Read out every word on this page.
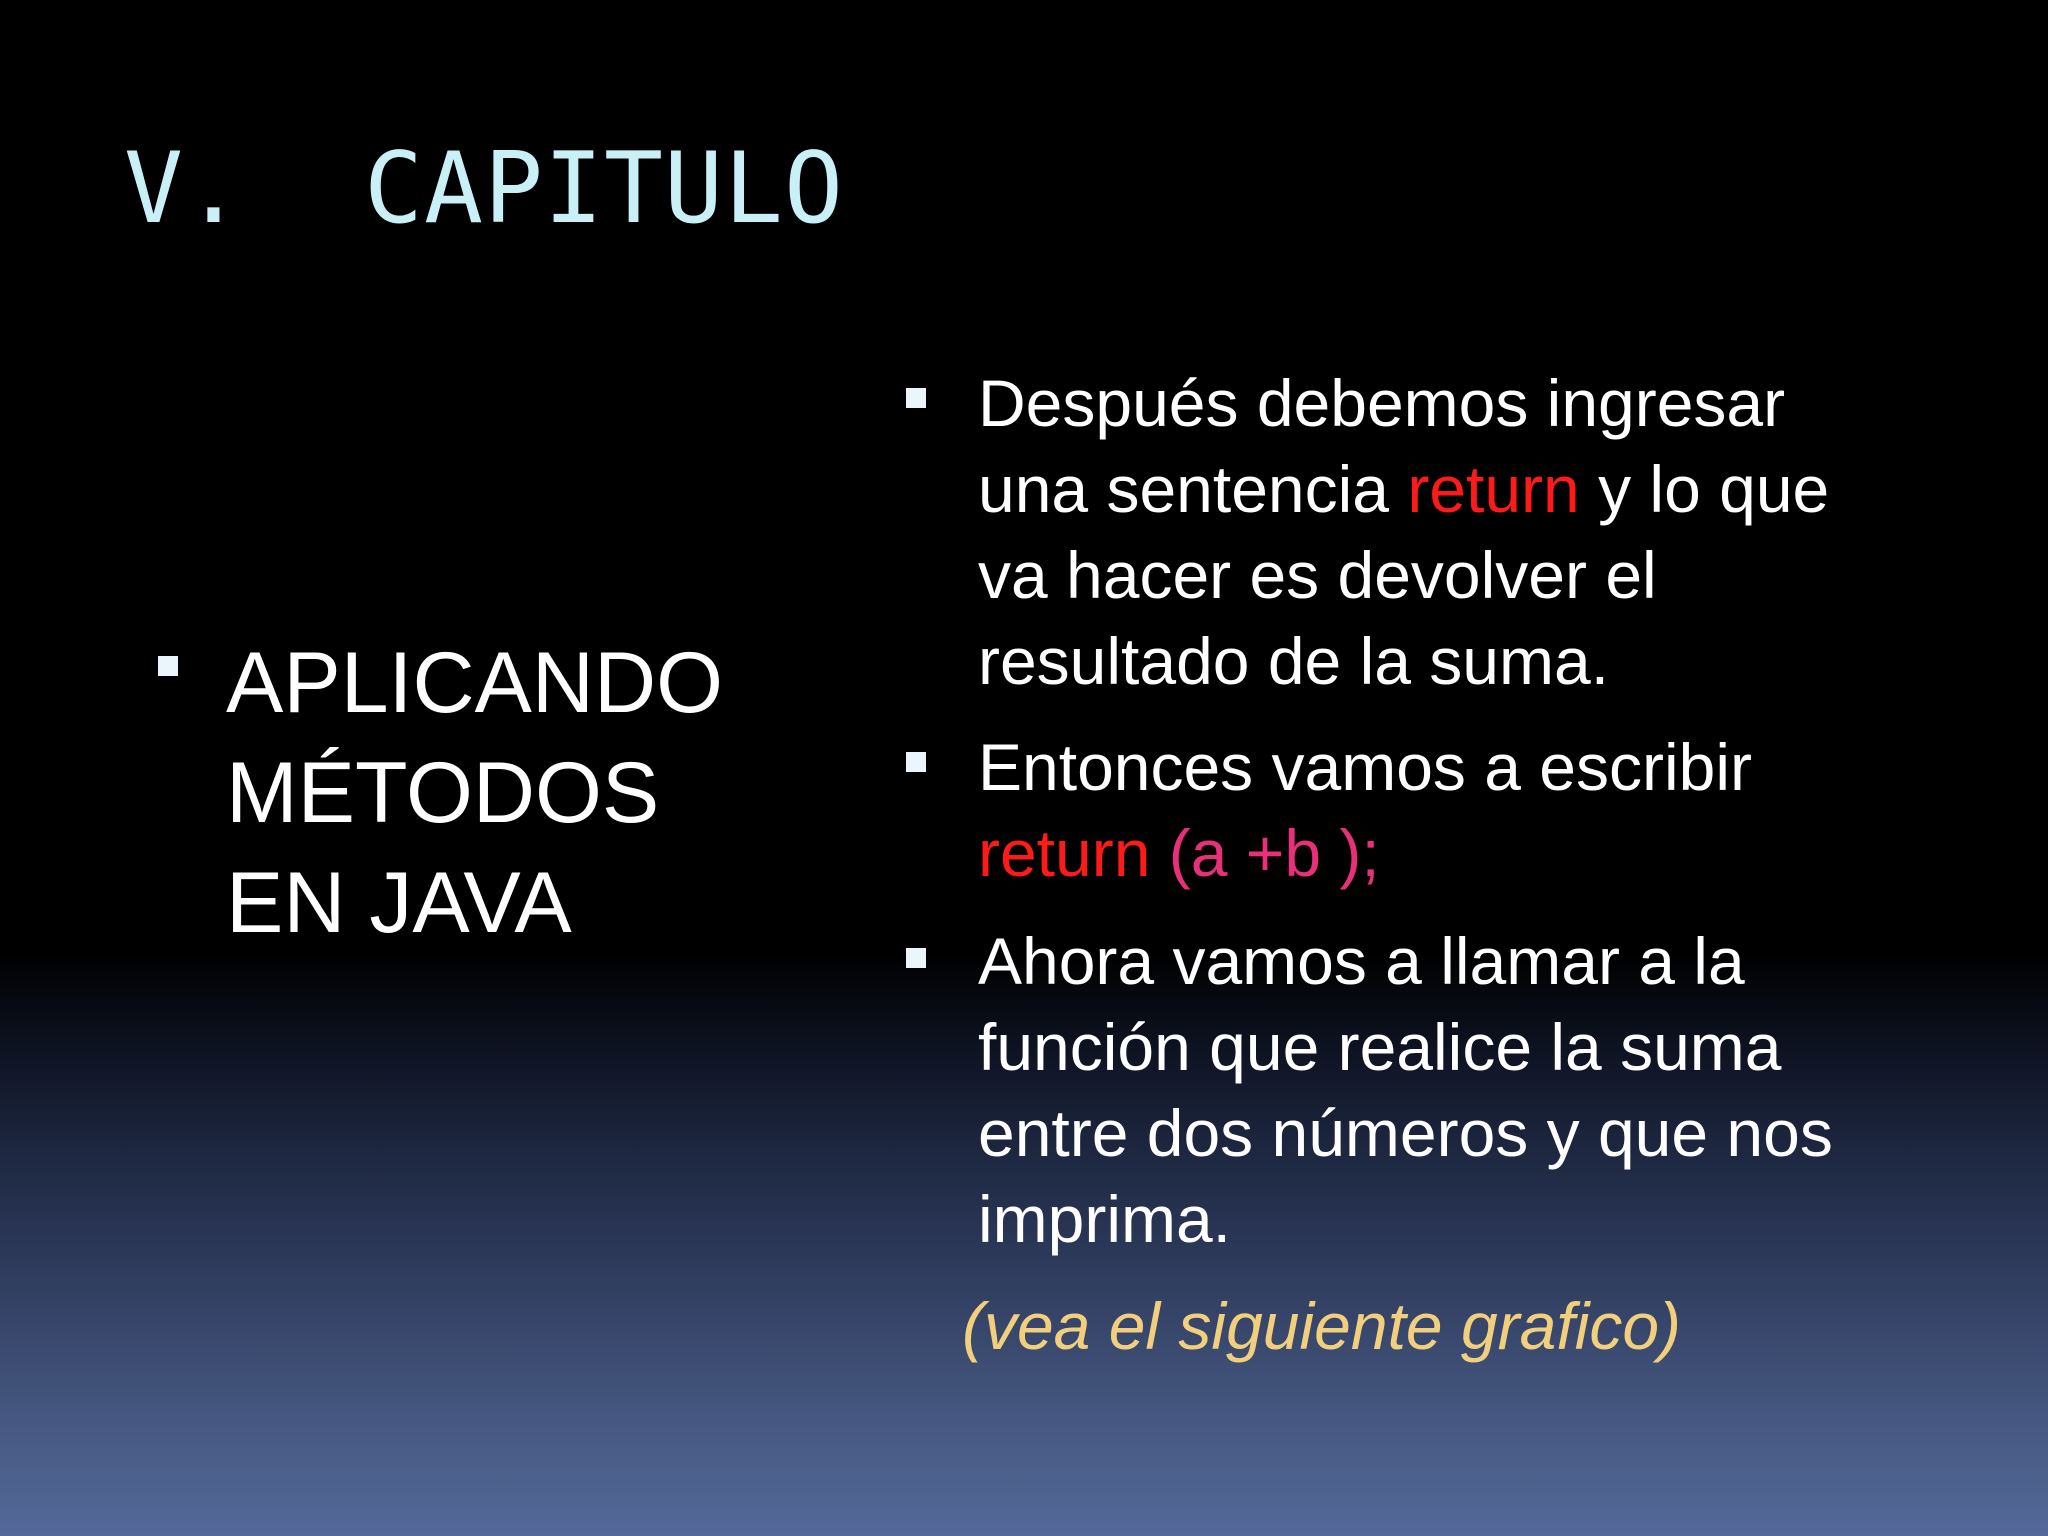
V.  CAPITULO
APLICANDO
MÉTODOS
EN JAVA
Después debemos ingresar
una sentencia return y lo que
va hacer es devolver el
resultado de la suma.
Entonces vamos a escribir
return (a +b );
Ahora vamos a llamar a la
función que realice la suma
entre dos números y que nos
imprima.
(vea el siguiente grafico)
